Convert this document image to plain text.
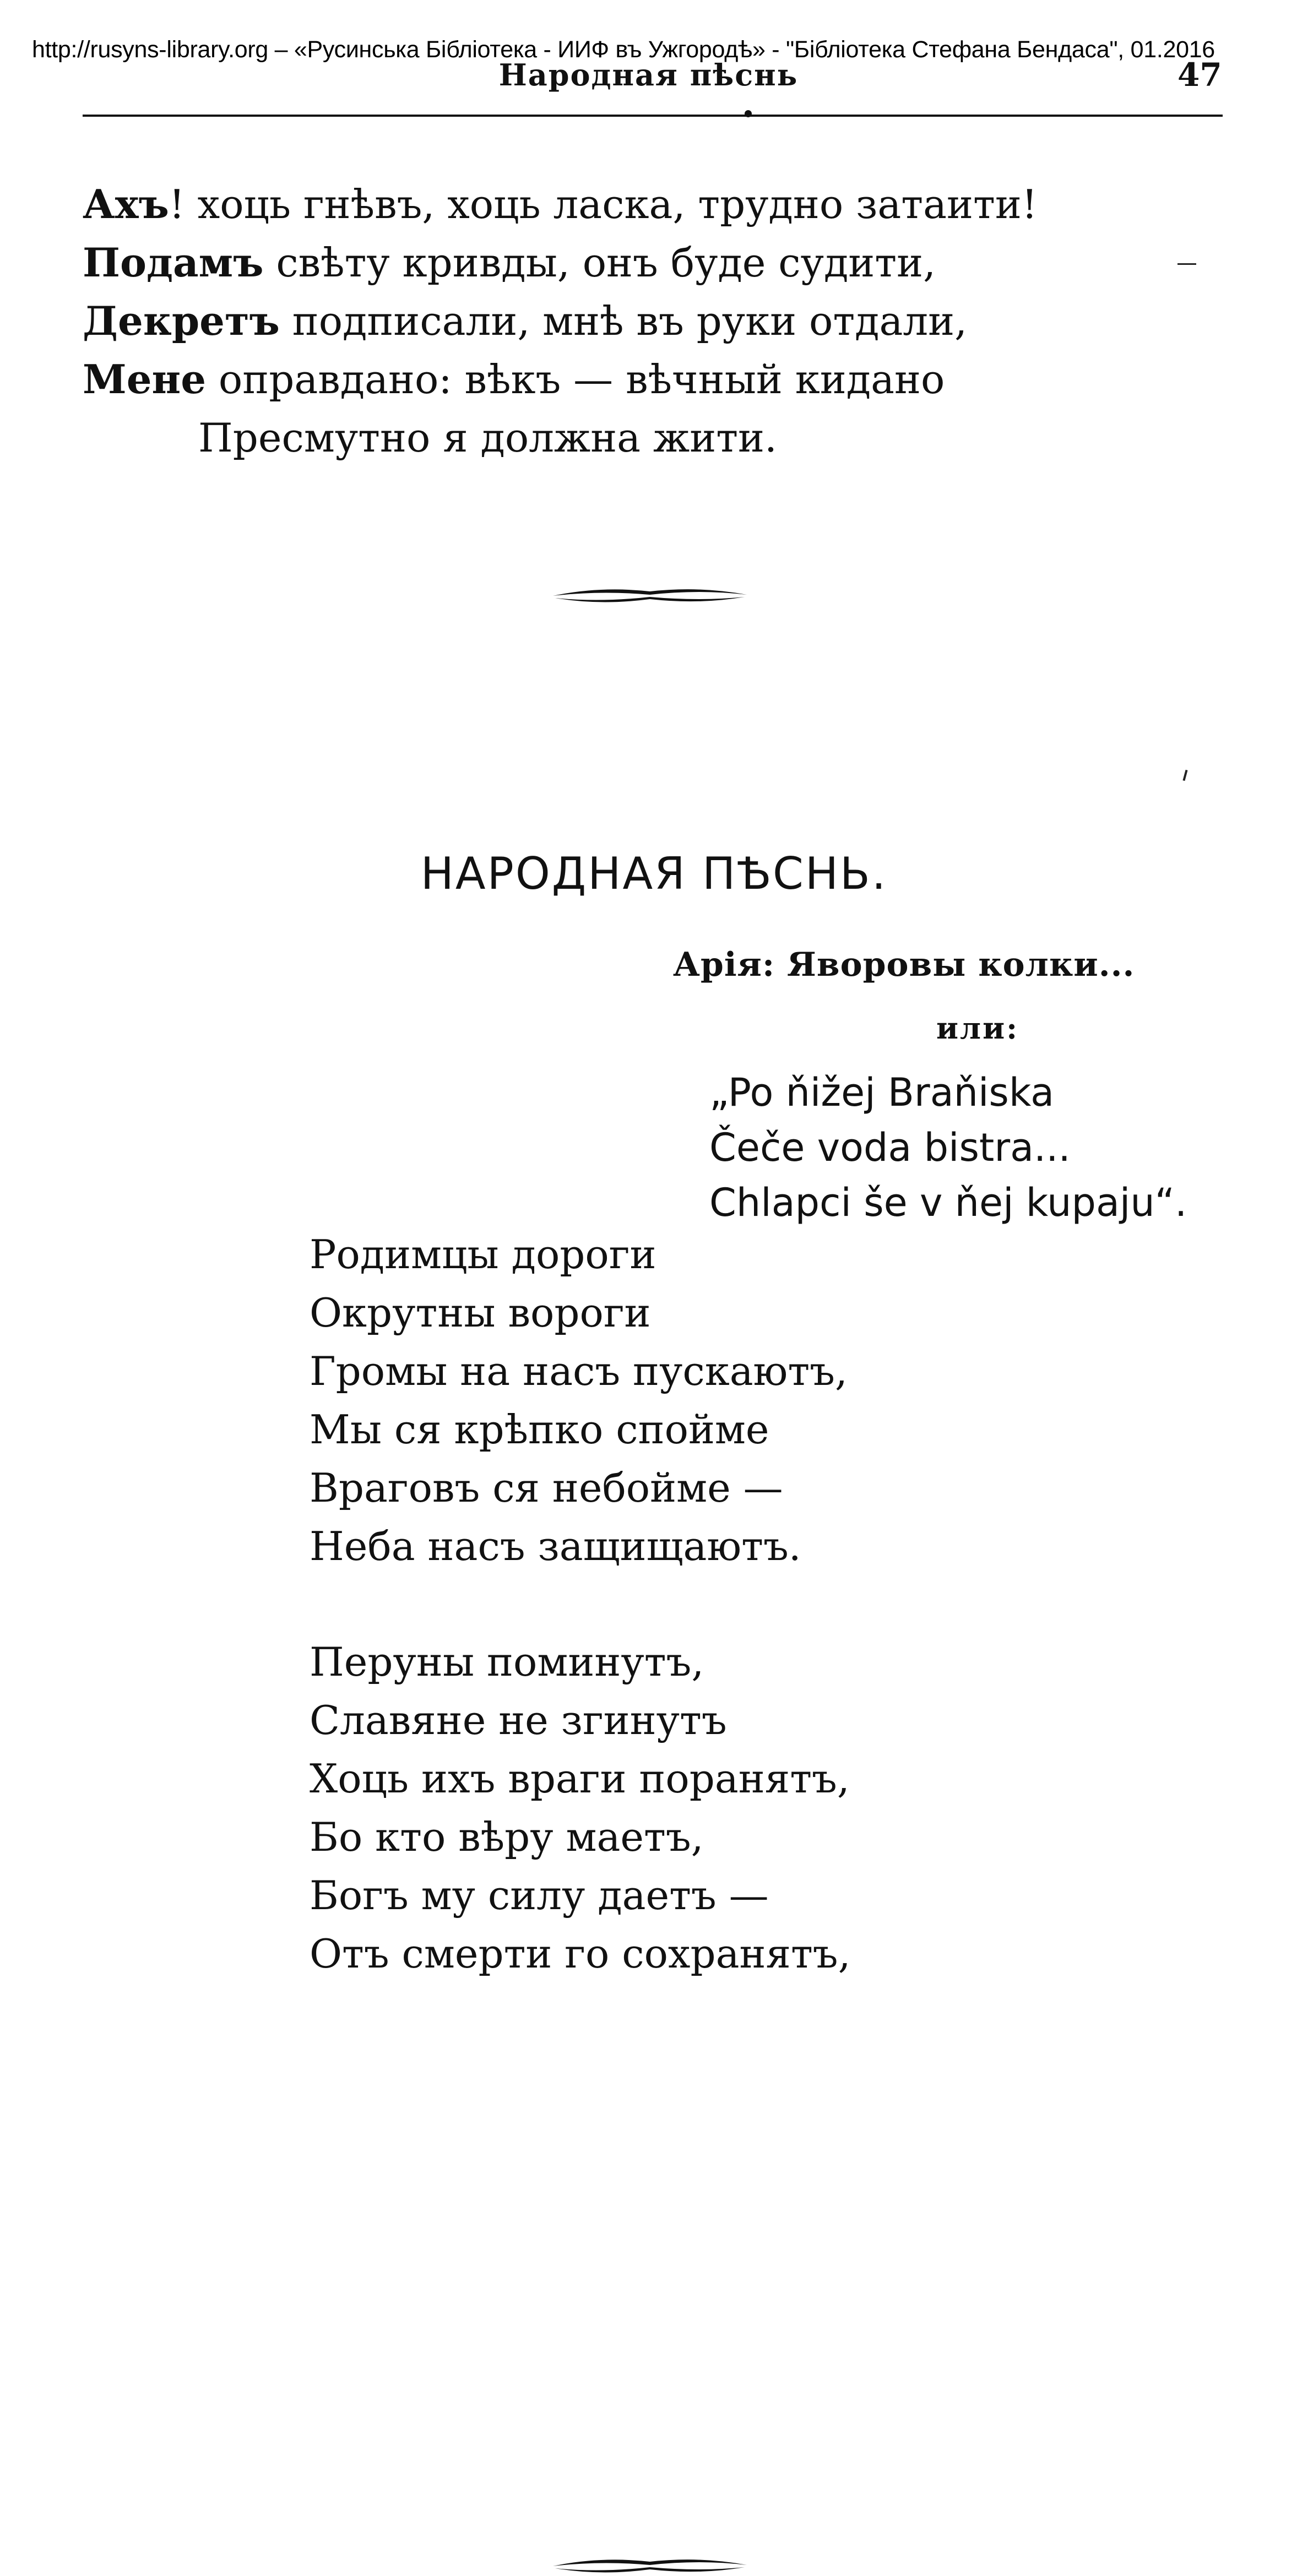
http://rusyns-library.org – «Русинська Бібліотека - ИИФ въ Ужгородѣ» - "Бібліотека Стефана Бендаса", 01.2016
Народная пѣснь	47
Ахъ! хоць гнѣвъ, хоць ласка, трудно затаити!
Подамъ свѣту кривды, онъ буде судити,
Декретъ подписали, мнѣ въ руки отдали,
Мене оправдано: вѣкъ — вѣчный кидано
Пресмутно я должна жити.
НАРОДНАЯ ПѢСНЬ.
Арія: Яворовы колки...
или:
„Po ňižej Braňiska
Čeče voda bistra...
Chlapci še v ňej kupaju“.
Родимцы дороги
Окрутны вороги
Громы на насъ пускаютъ,
Мы ся крѣпко спойме
Враговъ ся небойме —
Небa насъ защищаютъ.
Перуны поминутъ,
Славяне не згинутъ
Хоць ихъ враги поранятъ,
Бо кто вѣру маетъ,
Богъ му силу даетъ —
Отъ смерти го сохранятъ,
